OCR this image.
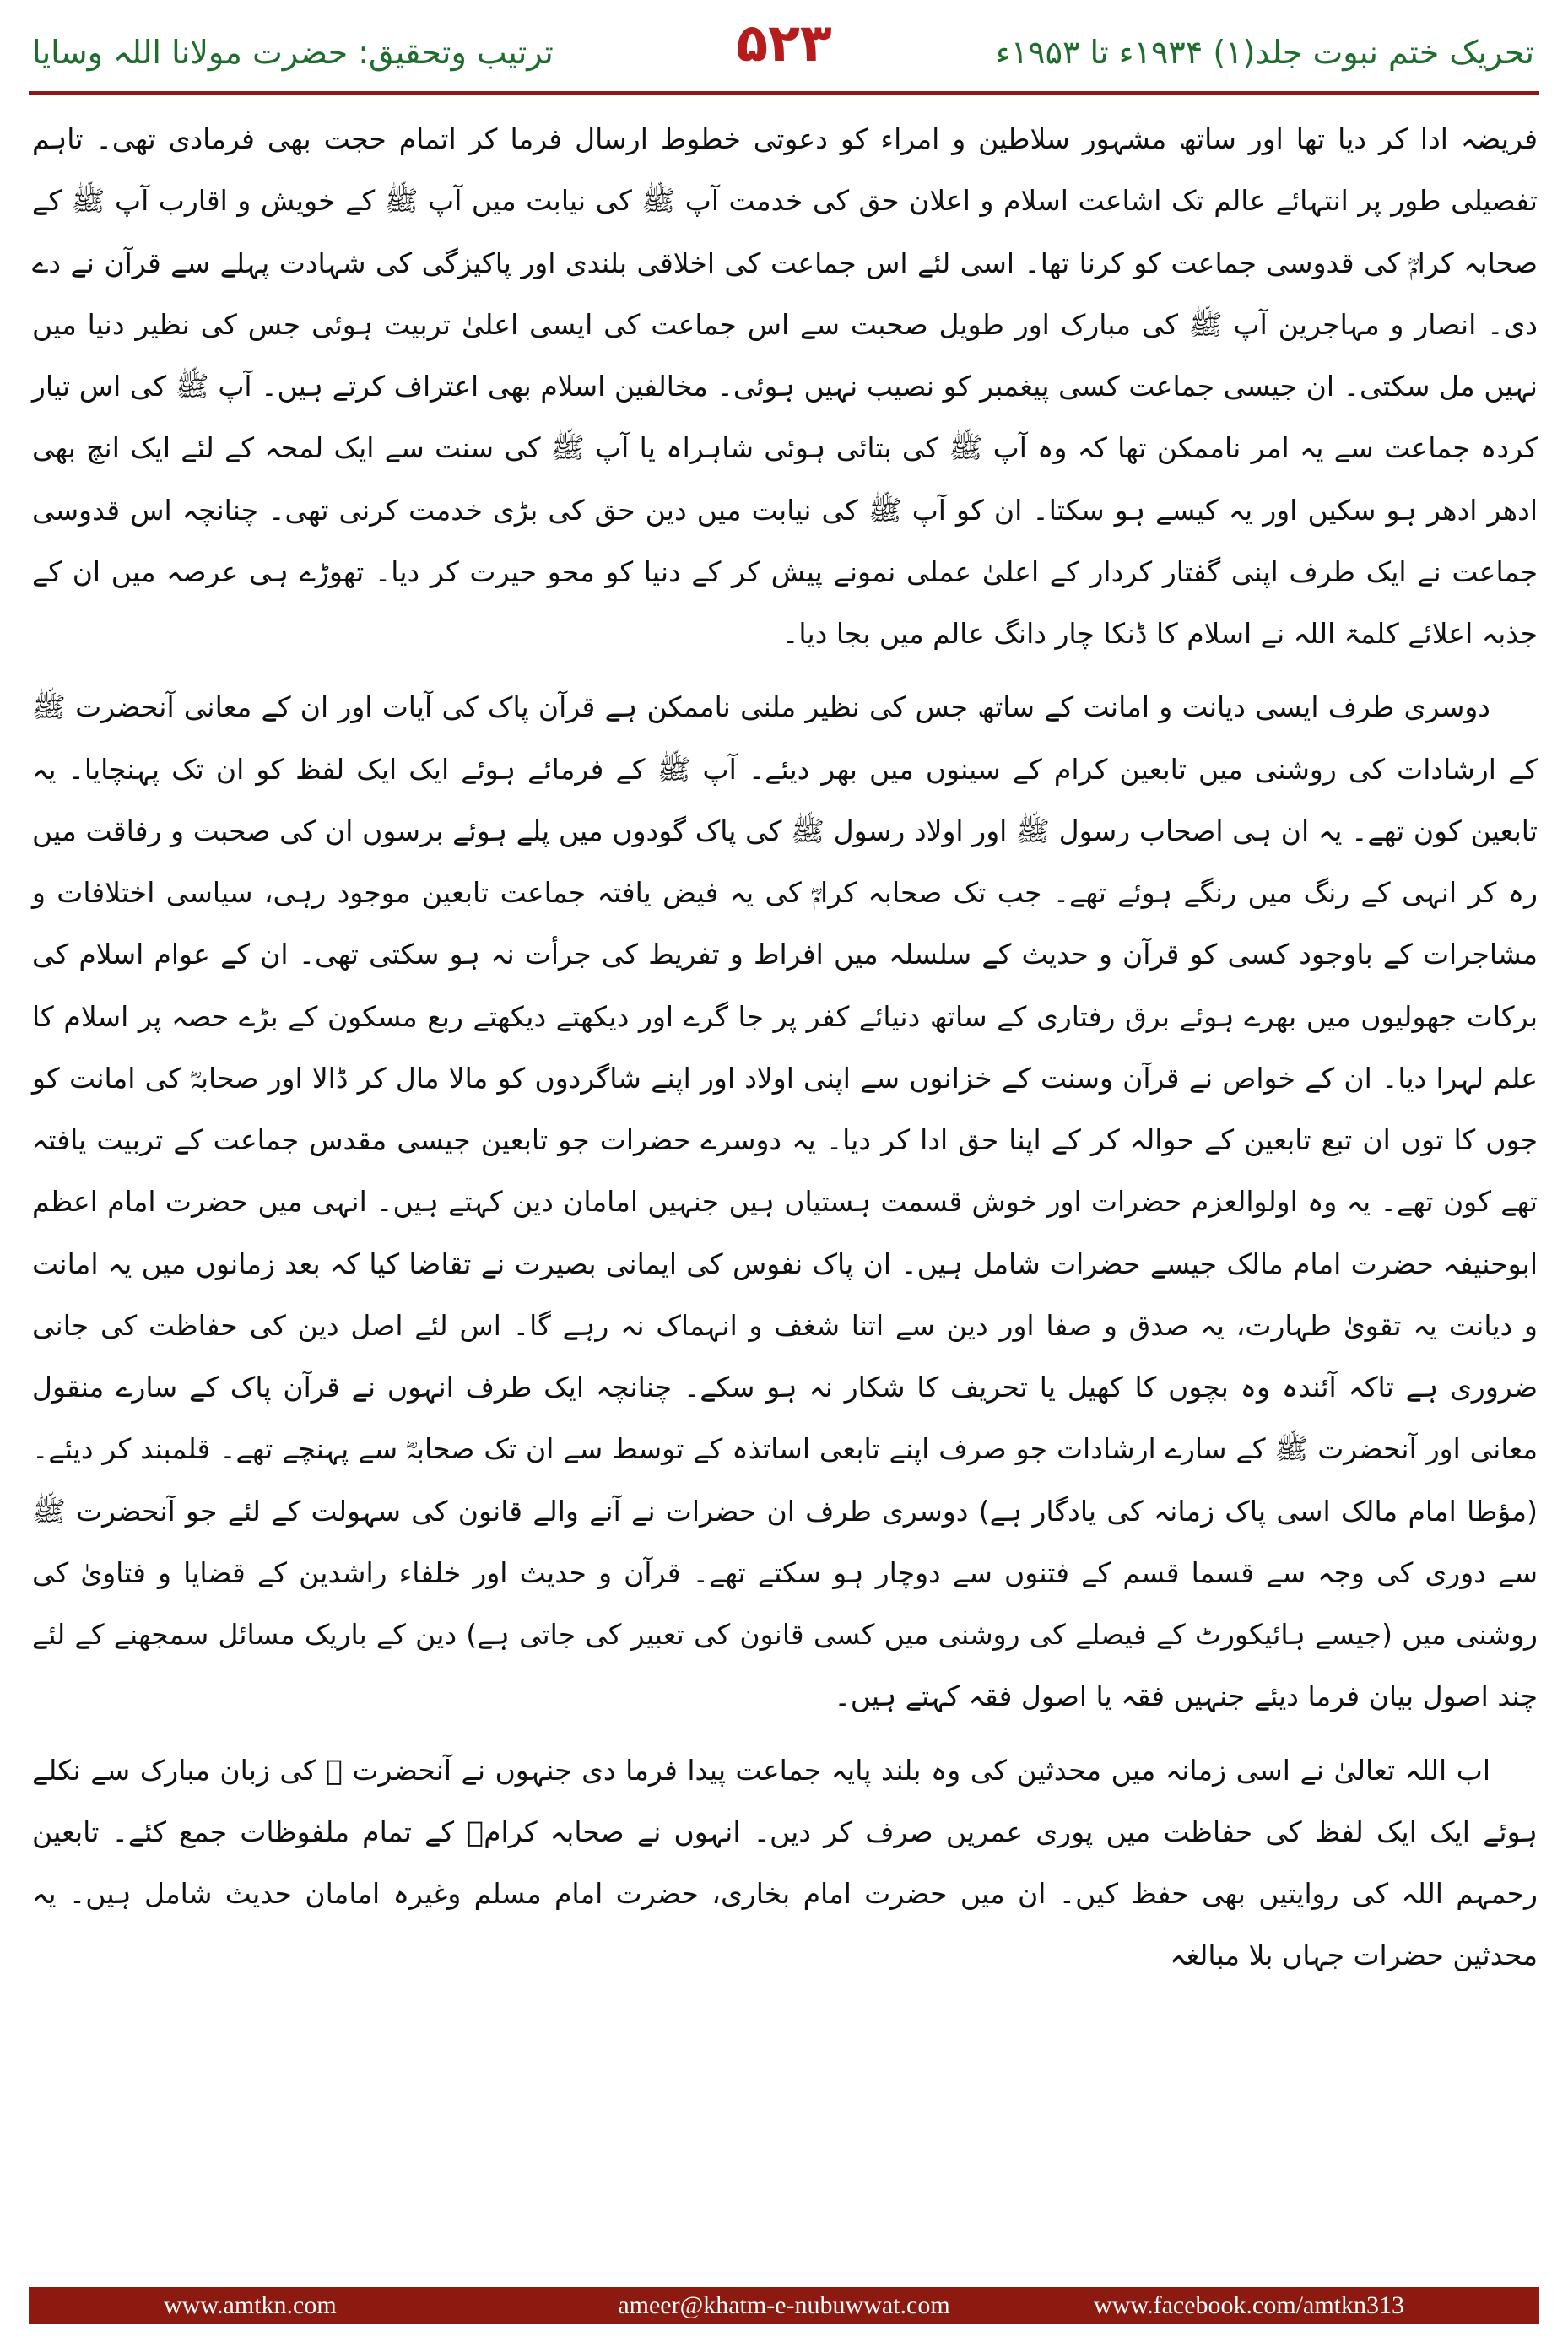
ترتیب وتحقیق: حضرت مولانا اللہ وسایا	۵۲۳	تحریک ختم نبوت جلد(۱) ۱۹۳۴ء تا ۱۹۵۳ء

فریضہ ادا کر دیا تھا اور ساتھ مشہور سلاطین و امراء کو دعوتی خطوط ارسال فرما کر اتمام حجت بھی فرمادی تھی۔ تاہم تفصیلی طور پر انتہائے عالم تک اشاعت اسلام و اعلان حق کی خدمت آپ ﷺ کی نیابت میں آپ ﷺ کے خویش و اقارب آپ ﷺ کے صحابہ کرامؓ کی قدوسی جماعت کو کرنا تھا۔ اسی لئے اس جماعت کی اخلاقی بلندی اور پاکیزگی کی شہادت پہلے سے قرآن نے دے دی۔ انصار و مہاجرین آپ ﷺ کی مبارک اور طویل صحبت سے اس جماعت کی ایسی اعلیٰ تربیت ہوئی جس کی نظیر دنیا میں نہیں مل سکتی۔ ان جیسی جماعت کسی پیغمبر کو نصیب نہیں ہوئی۔ مخالفین اسلام بھی اعتراف کرتے ہیں۔ آپ ﷺ کی اس تیار کردہ جماعت سے یہ امر ناممکن تھا کہ وہ آپ ﷺ کی بتائی ہوئی شاہراہ یا آپ ﷺ کی سنت سے ایک لمحہ کے لئے ایک انچ بھی ادھر ادھر ہو سکیں اور یہ کیسے ہو سکتا۔ ان کو آپ ﷺ کی نیابت میں دین حق کی بڑی خدمت کرنی تھی۔ چنانچہ اس قدوسی جماعت نے ایک طرف اپنی گفتار کردار کے اعلیٰ عملی نمونے پیش کر کے دنیا کو محو حیرت کر دیا۔ تھوڑے ہی عرصہ میں ان کے جذبہ اعلائے کلمۃ اللہ نے اسلام کا ڈنکا چار دانگ عالم میں بجا دیا۔

دوسری طرف ایسی دیانت و امانت کے ساتھ جس کی نظیر ملنی ناممکن ہے قرآن پاک کی آیات اور ان کے معانی آنحضرت ﷺ کے ارشادات کی روشنی میں تابعین کرام کے سینوں میں بھر دیئے۔ آپ ﷺ کے فرمائے ہوئے ایک ایک لفظ کو ان تک پہنچایا۔ یہ تابعین کون تھے۔ یہ ان ہی اصحاب رسول ﷺ اور اولاد رسول ﷺ کی پاک گودوں میں پلے ہوئے برسوں ان کی صحبت و رفاقت میں رہ کر انہی کے رنگ میں رنگے ہوئے تھے۔ جب تک صحابہ کرامؓ کی یہ فیض یافتہ جماعت تابعین موجود رہی، سیاسی اختلافات و مشاجرات کے باوجود کسی کو قرآن و حدیث کے سلسلہ میں افراط و تفریط کی جرأت نہ ہو سکتی تھی۔ ان کے عوام اسلام کی برکات جھولیوں میں بھرے ہوئے برق رفتاری کے ساتھ دنیائے کفر پر جا گرے اور دیکھتے دیکھتے ربع مسکون کے بڑے حصہ پر اسلام کا علم لہرا دیا۔ ان کے خواص نے قرآن وسنت کے خزانوں سے اپنی اولاد اور اپنے شاگردوں کو مالا مال کر ڈالا اور صحابہؓ کی امانت کو جوں کا توں ان تبع تابعین کے حوالہ کر کے اپنا حق ادا کر دیا۔ یہ دوسرے حضرات جو تابعین جیسی مقدس جماعت کے تربیت یافتہ تھے کون تھے۔ یہ وہ اولوالعزم حضرات اور خوش قسمت ہستیاں ہیں جنہیں امامان دین کہتے ہیں۔ انہی میں حضرت امام اعظم ابوحنیفہ حضرت امام مالک جیسے حضرات شامل ہیں۔ ان پاک نفوس کی ایمانی بصیرت نے تقاضا کیا کہ بعد زمانوں میں یہ امانت و دیانت یہ تقویٰ طہارت، یہ صدق و صفا اور دین سے اتنا شغف و انہماک نہ رہے گا۔ اس لئے اصل دین کی حفاظت کی جانی ضروری ہے تاکہ آئندہ وہ بچوں کا کھیل یا تحریف کا شکار نہ ہو سکے۔ چنانچہ ایک طرف انہوں نے قرآن پاک کے سارے منقول معانی اور آنحضرت ﷺ کے سارے ارشادات جو صرف اپنے تابعی اساتذہ کے توسط سے ان تک صحابہؓ سے پہنچے تھے۔ قلمبند کر دیئے۔ (مؤطا امام مالک اسی پاک زمانہ کی یادگار ہے) دوسری طرف ان حضرات نے آنے والے قانون کی سہولت کے لئے جو آنحضرت ﷺ سے دوری کی وجہ سے قسما قسم کے فتنوں سے دوچار ہو سکتے تھے۔ قرآن و حدیث اور خلفاء راشدین کے قضایا و فتاویٰ کی روشنی میں (جیسے ہائیکورٹ کے فیصلے کی روشنی میں کسی قانون کی تعبیر کی جاتی ہے) دین کے باریک مسائل سمجھنے کے لئے چند اصول بیان فرما دیئے جنہیں فقہ یا اصول فقہ کہتے ہیں۔

اب اللہ تعالیٰ نے اسی زمانہ میں محدثین کی وہ بلند پایہ جماعت پیدا فرما دی جنہوں نے آنحضرت ﷺ کی زبان مبارک سے نکلے ہوئے ایک ایک لفظ کی حفاظت میں پوری عمریں صرف کر دیں۔ انہوں نے صحابہ کرامؓ کے تمام ملفوظات جمع کئے۔ تابعین رحمہم اللہ کی روایتیں بھی حفظ کیں۔ ان میں حضرت امام بخاری، حضرت امام مسلم وغیرہ امامان حدیث شامل ہیں۔ یہ محدثین حضرات جہاں بلا مبالغہ

www.amtkn.com	ameer@khatm-e-nubuwwat.com	www.facebook.com/amtkn313
